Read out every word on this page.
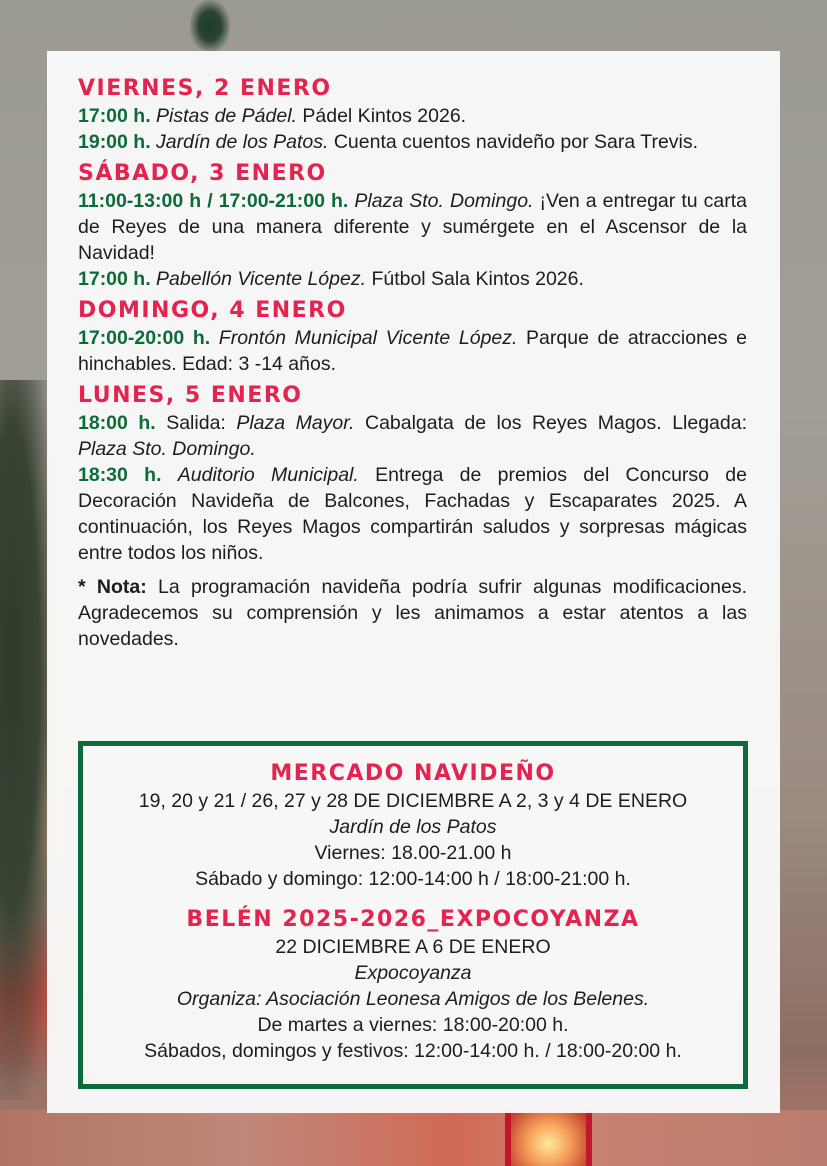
VIERNES, 2 ENERO

17:00 h. Pistas de Pádel. Pádel Kintos 2026.

19:00 h. Jardín de los Patos. Cuenta cuentos navideño por Sara Trevis.

SÁBADO, 3 ENERO

11:00-13:00 h / 17:00-21:00 h. Plaza Sto. Domingo. ¡Ven a entregar tu carta de Reyes de una manera diferente y sumérgete en el Ascensor de la Navidad!

17:00 h. Pabellón Vicente López. Fútbol Sala Kintos 2026.

DOMINGO, 4 ENERO

17:00-20:00 h. Frontón Municipal Vicente López. Parque de atracciones e hinchables. Edad: 3 -14 años.

LUNES, 5 ENERO

18:00 h. Salida: Plaza Mayor. Cabalgata de los Reyes Magos. Llegada: Plaza Sto. Domingo.

18:30 h. Auditorio Municipal. Entrega de premios del Concurso de Decoración Navideña de Balcones, Fachadas y Escaparates 2025. A continuación, los Reyes Magos compartirán saludos y sorpresas mágicas entre todos los niños.

* Nota: La programación navideña podría sufrir algunas modificaciones. Agradecemos su comprensión y les animamos a estar atentos a las novedades.

MERCADO NAVIDEÑO
19, 20 y 21 / 26, 27 y 28 DE DICIEMBRE A 2, 3 y 4 DE ENERO
Jardín de los Patos
Viernes: 18.00-21.00 h
Sábado y domingo: 12:00-14:00 h / 18:00-21:00 h.
BELÉN 2025-2026_EXPOCOYANZA
22 DICIEMBRE A 6 DE ENERO
Expocoyanza
Organiza: Asociación Leonesa Amigos de los Belenes.
De martes a viernes: 18:00-20:00 h.
Sábados, domingos y festivos: 12:00-14:00 h. / 18:00-20:00 h.
